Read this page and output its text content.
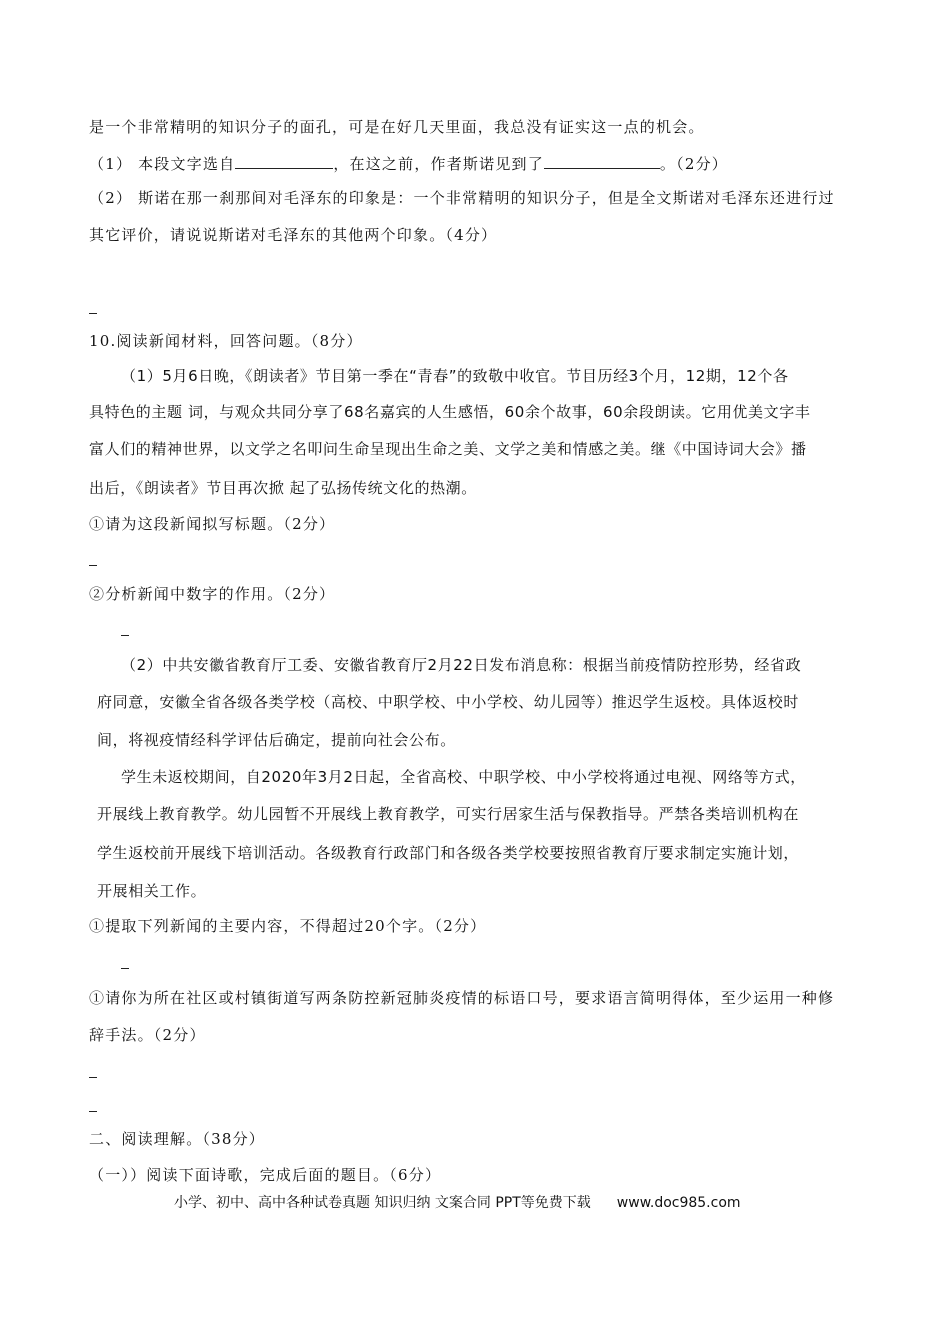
是一个非常精明的知识分子的面孔，可是在好几天里面，我总没有证实这一点的机会。
（1） 本段文字选自	，在这之前，作者斯诺见到了	。（2分）
（2） 斯诺在那一刹那间对毛泽东的印象是：一个非常精明的知识分子，但是全文斯诺对毛泽东还进行过
其它评价，请说说斯诺对毛泽东的其他两个印象。（4分）
10.阅读新闻材料，回答问题。（8分）
（1）5月6日晚，《朗读者》节目第一季在“青春”的致敬中收官。节目历经3个月，12期，12个各
具特色的主题 词，与观众共同分享了68名嘉宾的人生感悟，60余个故事，60余段朗读。它用优美文字丰
富人们的精神世界，以文学之名叩问生命呈现出生命之美、文学之美和情感之美。继《中国诗词大会》播
出后，《朗读者》节目再次掀 起了弘扬传统文化的热潮。
①请为这段新闻拟写标题。（2分）
②分析新闻中数字的作用。（2分）
（2）中共安徽省教育厅工委、安徽省教育厅2月22日发布消息称：根据当前疫情防控形势，经省政
府同意，安徽全省各级各类学校（高校、中职学校、中小学校、幼儿园等）推迟学生返校。具体返校时
间，将视疫情经科学评估后确定，提前向社会公布。
学生未返校期间，自2020年3月2日起，全省高校、中职学校、中小学校将通过电视、网络等方式，
开展线上教育教学。幼儿园暂不开展线上教育教学，可实行居家生活与保教指导。严禁各类培训机构在
学生返校前开展线下培训活动。各级教育行政部门和各级各类学校要按照省教育厅要求制定实施计划，
开展相关工作。
①提取下列新闻的主要内容，不得超过20个字。（2分）
①请你为所在社区或村镇街道写两条防控新冠肺炎疫情的标语口号，要求语言简明得体，至少运用一种修
辞手法。（2分）
二、阅读理解。（38分）
（一））阅读下面诗歌，完成后面的题目。（6分）
小学、初中、高中各种试卷真题 知识归纳 文案合同 PPT等免费下载 www.doc985.com
